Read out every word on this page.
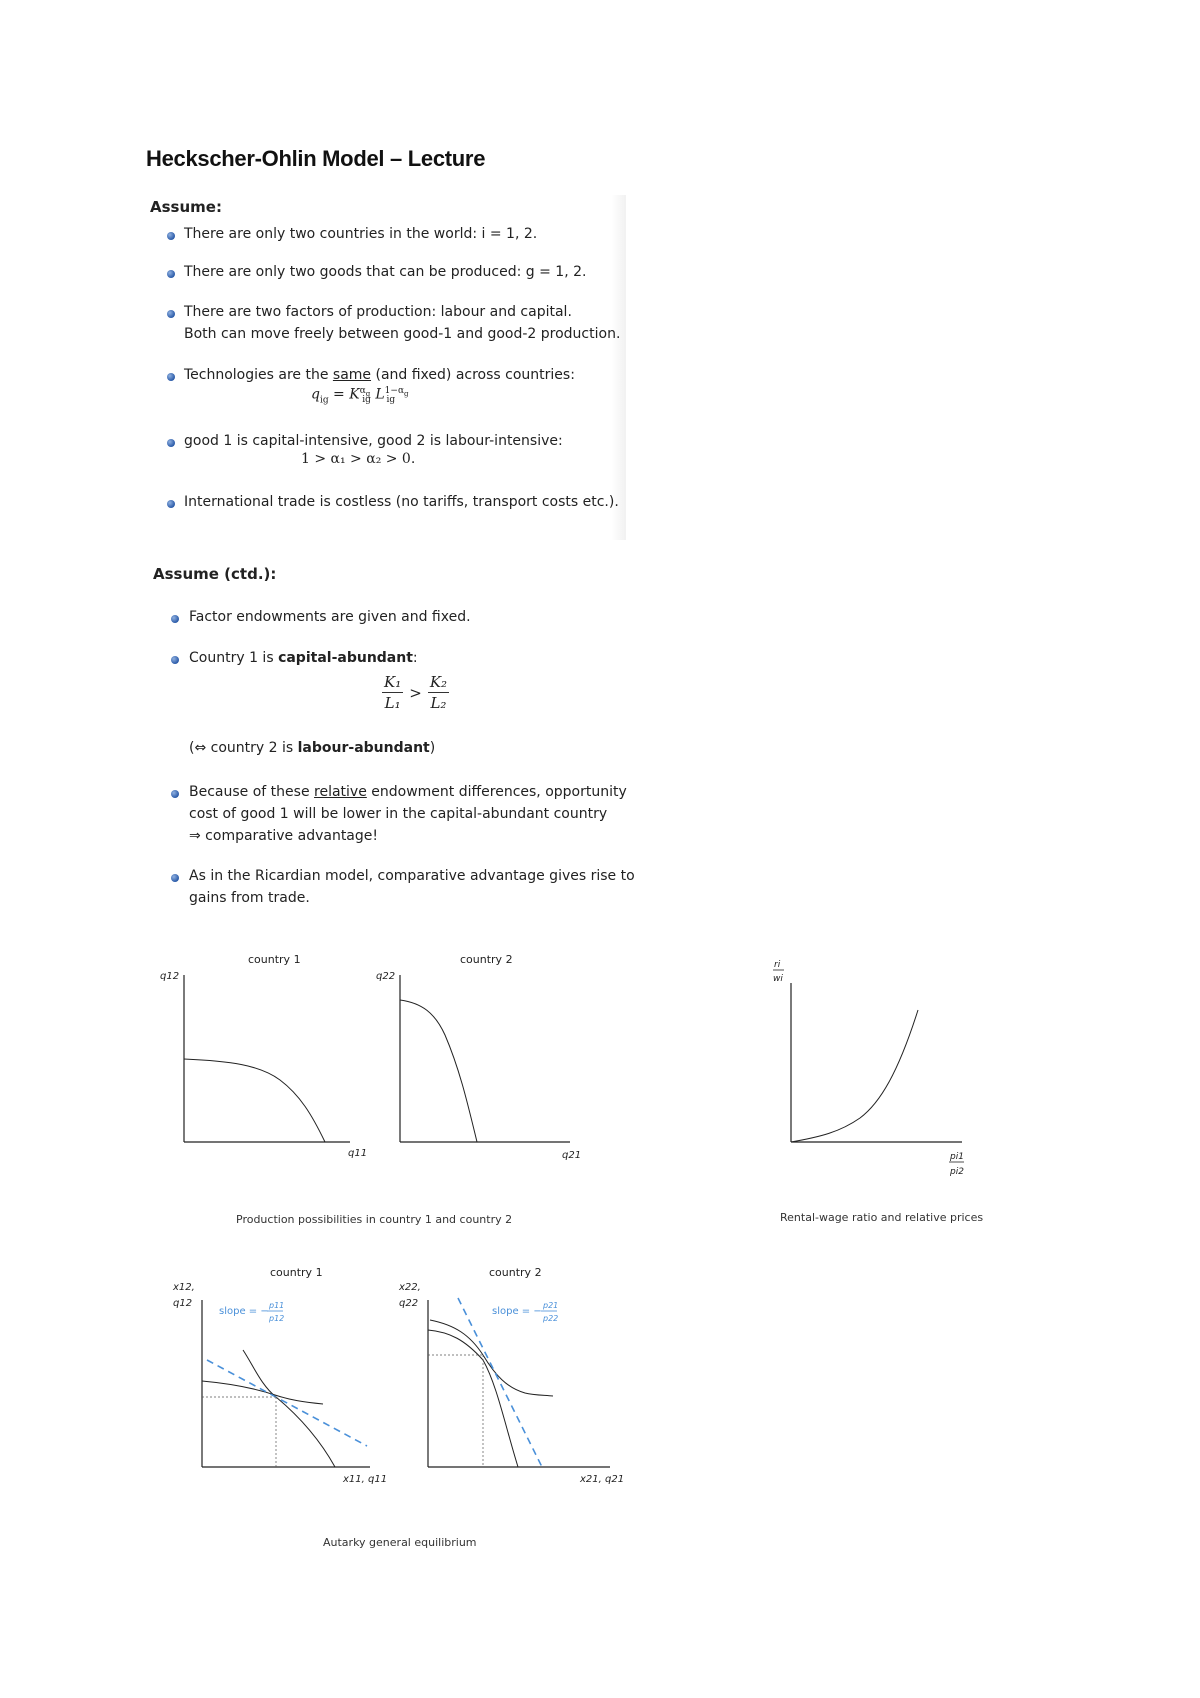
Heckscher-Ohlin Model – Lecture
Assume:
There are only two countries in the world: i = 1, 2.
There are only two goods that can be produced: g = 1, 2.
There are two factors of production: labour and capital.
Both can move freely between good-1 and good-2 production.
Technologies are the same (and fixed) across countries:
$q_{ig} = K^{\alpha_g}_{ig}$ $L^{1-\alpha_g}_{ig}$
good 1 is capital-intensive, good 2 is labour-intensive:
1 > α₁ > α₂ > 0.
International trade is costless (no tariffs, transport costs etc.).
Assume (ctd.):
Factor endowments are given and fixed.
Country 1 is capital-abundant:
$\frac{\text{K₁}}{\text{L₁}} > \frac{\text{K₂}}{\text{L₂}}$
(⇔ country 2 is labour-abundant)
Because of these relative endowment differences, opportunity
cost of good 1 will be lower in the capital-abundant country
⇒ comparative advantage!
As in the Ricardian model, comparative advantage gives rise to
gains from trade.
country 1	country 2
q12
q11
q22
q21
Production possibilities in country 1 and country 2
ri
wi
pi1
pi2
Rental-wage ratio and relative prices
country 1	country 2
x12,
q12
slope = −
p11
p12
x11, q11
x22,
q22
slope = −
p21
p22
x21, q21
Autarky general equilibrium
